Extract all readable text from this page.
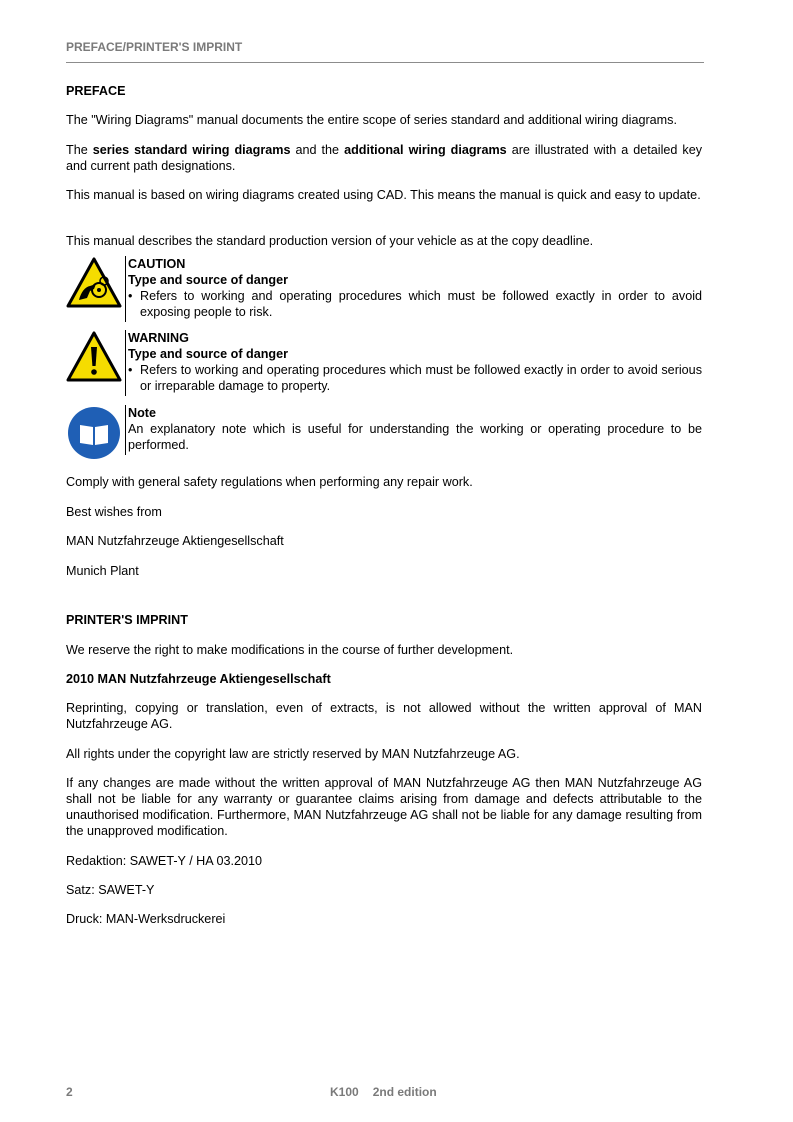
PREFACE/PRINTER'S IMPRINT
PREFACE
The "Wiring Diagrams" manual documents the entire scope of series standard and additional wiring diagrams.
The series standard wiring diagrams and the additional wiring diagrams are illustrated with a detailed key and current path designations.
This manual is based on wiring diagrams created using CAD. This means the manual is quick and easy to update.
This manual describes the standard production version of your vehicle as at the copy deadline.
CAUTION
Type and source of danger
• Refers to working and operating procedures which must be followed exactly in order to avoid exposing people to risk.
WARNING
Type and source of danger
• Refers to working and operating procedures which must be followed exactly in order to avoid serious or irreparable damage to property.
Note
An explanatory note which is useful for understanding the working or operating procedure to be performed.
Comply with general safety regulations when performing any repair work.
Best wishes from
MAN Nutzfahrzeuge Aktiengesellschaft
Munich Plant
PRINTER'S IMPRINT
We reserve the right to make modifications in the course of further development.
2010 MAN Nutzfahrzeuge Aktiengesellschaft
Reprinting, copying or translation, even of extracts, is not allowed without the written approval of MAN Nutzfahrzeuge AG.
All rights under the copyright law are strictly reserved by MAN Nutzfahrzeuge AG.
If any changes are made without the written approval of MAN Nutzfahrzeuge AG then MAN Nutzfahrzeuge AG shall not be liable for any warranty or guarantee claims arising from damage and defects attributable to the unauthorised modification. Furthermore, MAN Nutzfahrzeuge AG shall not be liable for any damage resulting from the unapproved modification.
Redaktion: SAWET-Y / HA 03.2010
Satz: SAWET-Y
Druck: MAN-Werksdruckerei
2	K100 2nd edition
